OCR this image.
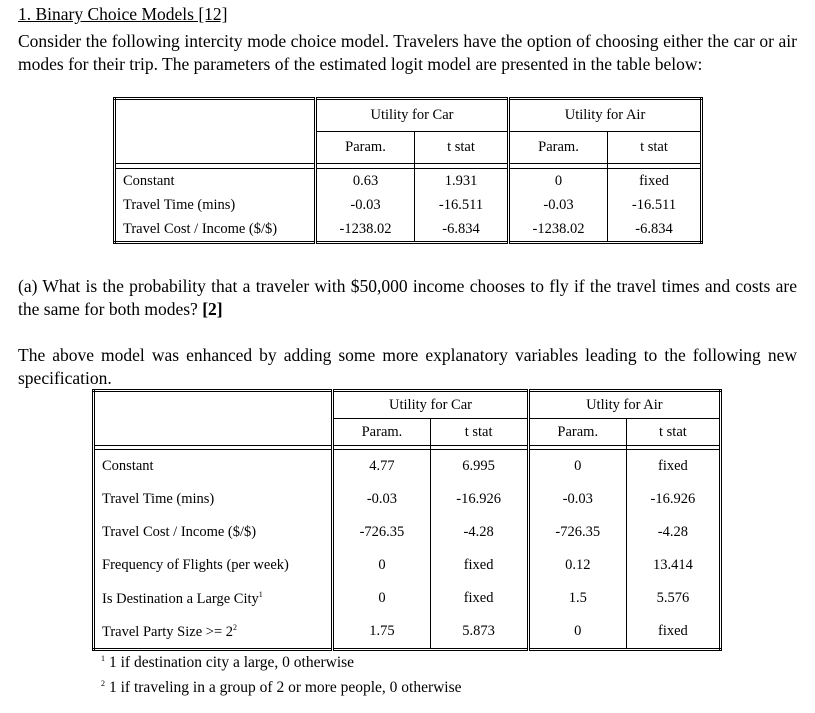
1. Binary Choice Models [12]
Consider the following intercity mode choice model. Travelers have the option of choosing either the car or air modes for their trip. The parameters of the estimated logit model are presented in the table below:
	Utility for Car		Utility for Air	
	Param.	t stat	Param.	t stat

Constant	0.63	1.931	0	fixed
Travel Time (mins)	-0.03	-16.511	-0.03	-16.511
Travel Cost / Income ($/$)	-1238.02	-6.834	-1238.02	-6.834
(a) What is the probability that a traveler with $50,000 income chooses to fly if the travel times and costs are the same for both modes? [2]
The above model was enhanced by adding some more explanatory variables leading to the following new specification.
	Utility for Car		Utlity for Air	
	Param.	t stat	Param.	t stat

Constant	4.77	6.995	0	fixed
Travel Time (mins)	-0.03	-16.926	-0.03	-16.926
Travel Cost / Income ($/$)	-726.35	-4.28	-726.35	-4.28
Frequency of Flights (per week)	0	fixed	0.12	13.414
Is Destination a Large City$^1$	0	fixed	1.5	5.576
Travel Party Size >= 2$^2$	1.75	5.873	0	fixed
$^1$ 1 if destination city a large, 0 otherwise
$^2$ 1 if traveling in a group of 2 or more people, 0 otherwise
